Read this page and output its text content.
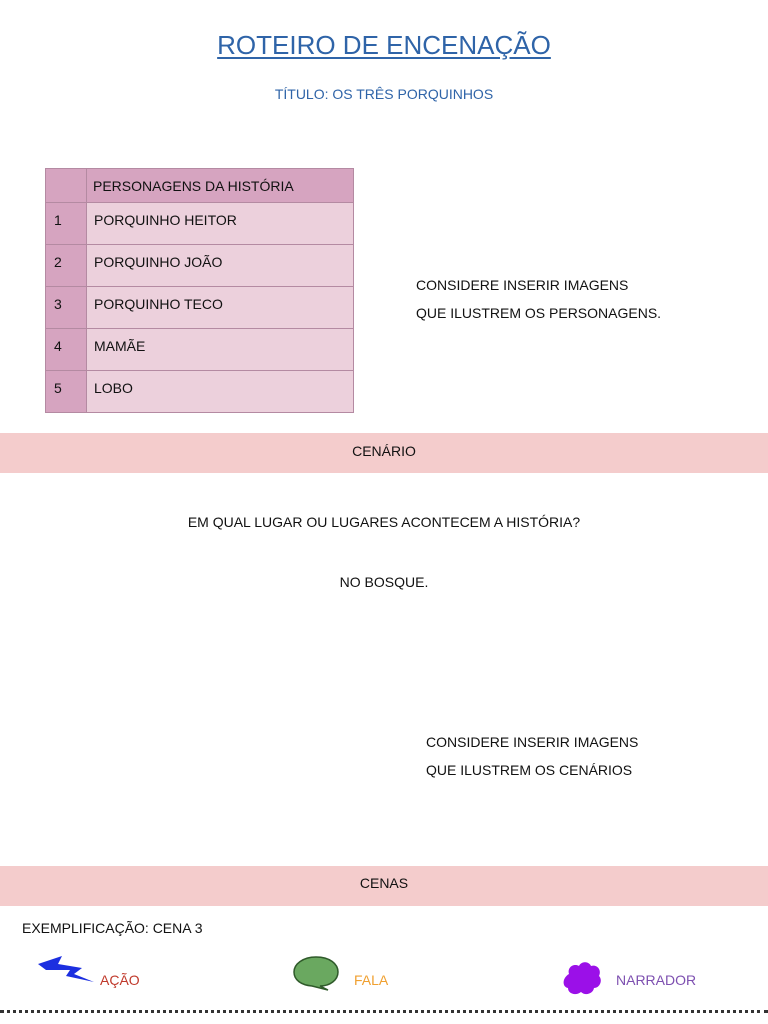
ROTEIRO DE ENCENAÇÃO
TÍTULO: OS TRÊS PORQUINHOS
	PERSONAGENS DA HISTÓRIA
1	PORQUINHO HEITOR
2	PORQUINHO JOÃO
3	PORQUINHO TECO
4	MAMÃE
5	LOBO
CONSIDERE INSERIR IMAGENS
QUE ILUSTREM OS PERSONAGENS.
CENÁRIO
EM QUAL LUGAR OU LUGARES ACONTECEM A HISTÓRIA?
NO BOSQUE.
CONSIDERE INSERIR IMAGENS
QUE ILUSTREM OS CENÁRIOS
CENAS
EXEMPLIFICAÇÃO: CENA 3
AÇÃO	FALA	NARRADOR
